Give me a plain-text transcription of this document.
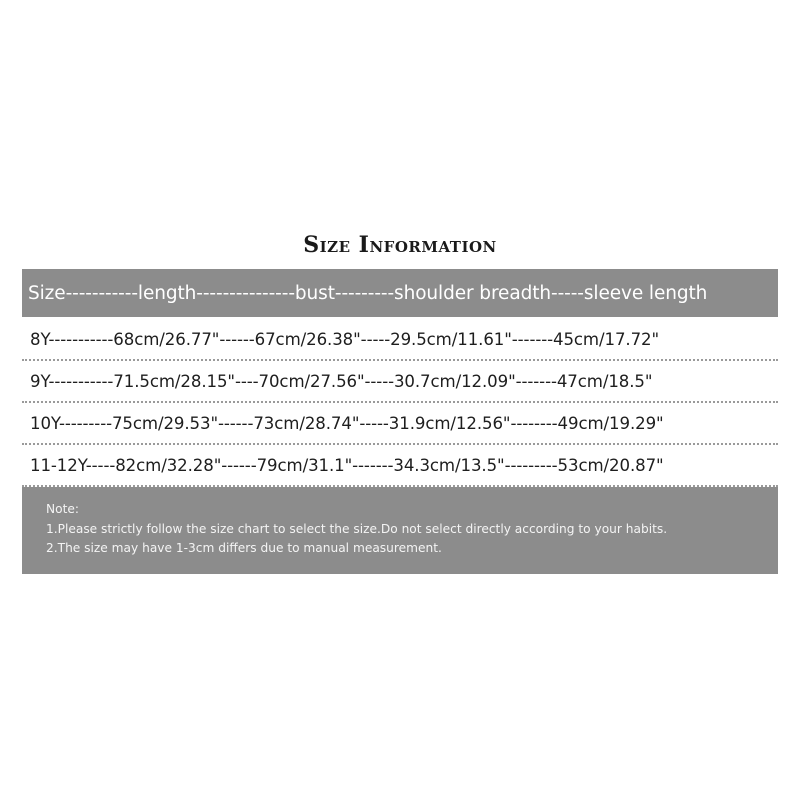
Size Information
Size-----------length---------------bust---------shoulder breadth-----sleeve length
8Y-----------68cm/26.77"------67cm/26.38"-----29.5cm/11.61"-------45cm/17.72"
9Y-----------71.5cm/28.15"----70cm/27.56"-----30.7cm/12.09"-------47cm/18.5"
10Y---------75cm/29.53"------73cm/28.74"-----31.9cm/12.56"--------49cm/19.29"
11-12Y-----82cm/32.28"------79cm/31.1"-------34.3cm/13.5"---------53cm/20.87"
Note:
1.Please strictly follow the size chart to select the size.Do not select directly according to your habits.
2.The size may have 1-3cm differs due to manual measurement.
